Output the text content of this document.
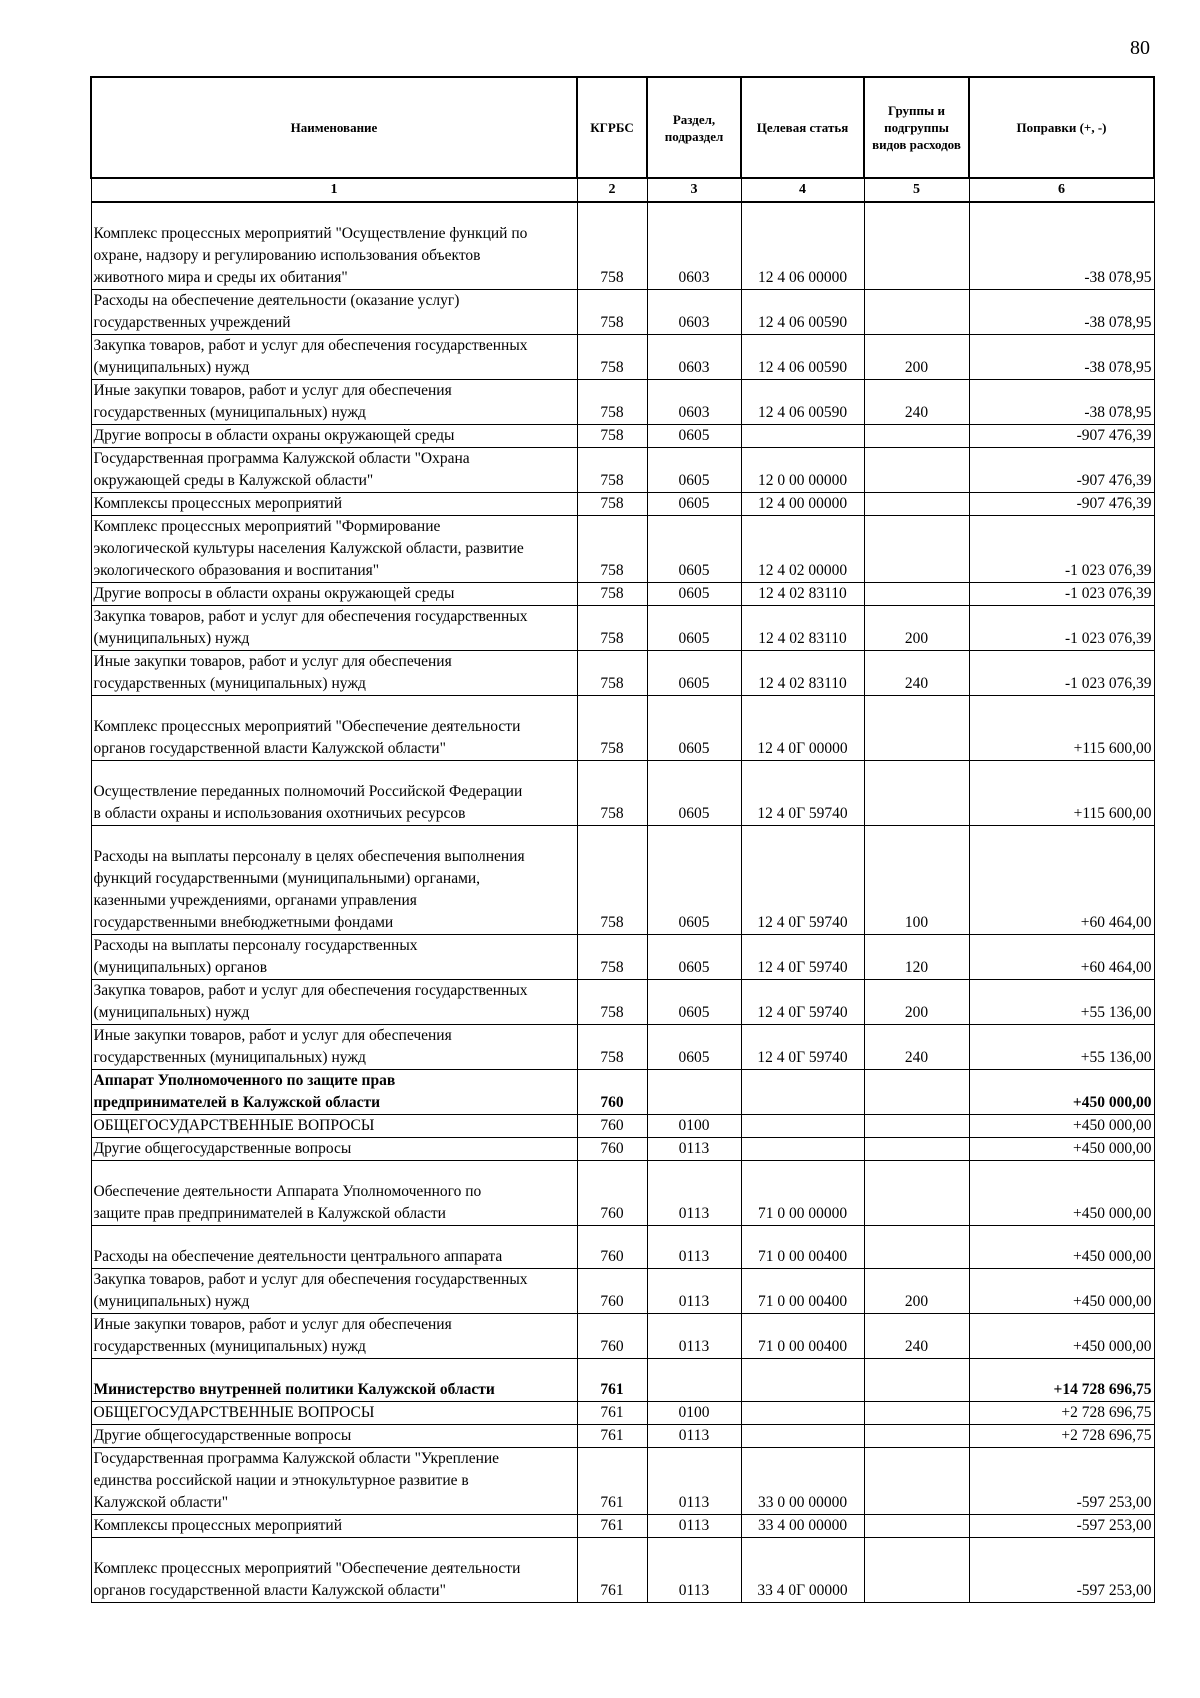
80
Наименование	КГРБС	Раздел, подраздел	Целевая статья	Группы и подгруппы видов расходов	Поправки (+, -)
1	2	3	4	5	6
Комплекс процессных мероприятий "Осуществление функций по
охране, надзору и регулированию использования объектов
животного мира и среды их обитания"	758	0603	12 4 06 00000		-38 078,95
Расходы на обеспечение деятельности (оказание услуг)
государственных учреждений	758	0603	12 4 06 00590		-38 078,95
Закупка товаров, работ и услуг для обеспечения государственных
(муниципальных) нужд	758	0603	12 4 06 00590	200	-38 078,95
Иные закупки товаров, работ и услуг для обеспечения
государственных (муниципальных) нужд	758	0603	12 4 06 00590	240	-38 078,95
Другие вопросы в области охраны окружающей среды	758	0605			-907 476,39
Государственная программа Калужской области "Охрана
окружающей среды в Калужской области"	758	0605	12 0 00 00000		-907 476,39
Комплексы процессных мероприятий	758	0605	12 4 00 00000		-907 476,39
Комплекс процессных мероприятий "Формирование
экологической культуры населения Калужской области, развитие
экологического образования и воспитания"	758	0605	12 4 02 00000		-1 023 076,39
Другие вопросы в области охраны окружающей среды	758	0605	12 4 02 83110		-1 023 076,39
Закупка товаров, работ и услуг для обеспечения государственных
(муниципальных) нужд	758	0605	12 4 02 83110	200	-1 023 076,39
Иные закупки товаров, работ и услуг для обеспечения
государственных (муниципальных) нужд	758	0605	12 4 02 83110	240	-1 023 076,39
Комплекс процессных мероприятий "Обеспечение деятельности
органов государственной власти Калужской области"	758	0605	12 4 0Г 00000		+115 600,00
Осуществление переданных полномочий Российской Федерации
в области охраны и использования охотничьих ресурсов	758	0605	12 4 0Г 59740		+115 600,00
Расходы на выплаты персоналу в целях обеспечения выполнения
функций государственными (муниципальными) органами,
казенными учреждениями, органами управления
государственными внебюджетными фондами	758	0605	12 4 0Г 59740	100	+60 464,00
Расходы на выплаты персоналу государственных
(муниципальных) органов	758	0605	12 4 0Г 59740	120	+60 464,00
Закупка товаров, работ и услуг для обеспечения государственных
(муниципальных) нужд	758	0605	12 4 0Г 59740	200	+55 136,00
Иные закупки товаров, работ и услуг для обеспечения
государственных (муниципальных) нужд	758	0605	12 4 0Г 59740	240	+55 136,00
Аппарат Уполномоченного по защите прав
предпринимателей в Калужской области	760				+450 000,00
ОБЩЕГОСУДАРСТВЕННЫЕ ВОПРОСЫ	760	0100			+450 000,00
Другие общегосударственные вопросы	760	0113			+450 000,00
Обеспечение деятельности Аппарата Уполномоченного по
защите прав предпринимателей в Калужской области	760	0113	71 0 00 00000		+450 000,00
Расходы на обеспечение деятельности центрального аппарата	760	0113	71 0 00 00400		+450 000,00
Закупка товаров, работ и услуг для обеспечения государственных
(муниципальных) нужд	760	0113	71 0 00 00400	200	+450 000,00
Иные закупки товаров, работ и услуг для обеспечения
государственных (муниципальных) нужд	760	0113	71 0 00 00400	240	+450 000,00
Министерство внутренней политики Калужской области	761				+14 728 696,75
ОБЩЕГОСУДАРСТВЕННЫЕ ВОПРОСЫ	761	0100			+2 728 696,75
Другие общегосударственные вопросы	761	0113			+2 728 696,75
Государственная программа Калужской области "Укрепление
единства российской нации и этнокультурное развитие в
Калужской области"	761	0113	33 0 00 00000		-597 253,00
Комплексы процессных мероприятий	761	0113	33 4 00 00000		-597 253,00
Комплекс процессных мероприятий "Обеспечение деятельности
органов государственной власти Калужской области"	761	0113	33 4 0Г 00000		-597 253,00
